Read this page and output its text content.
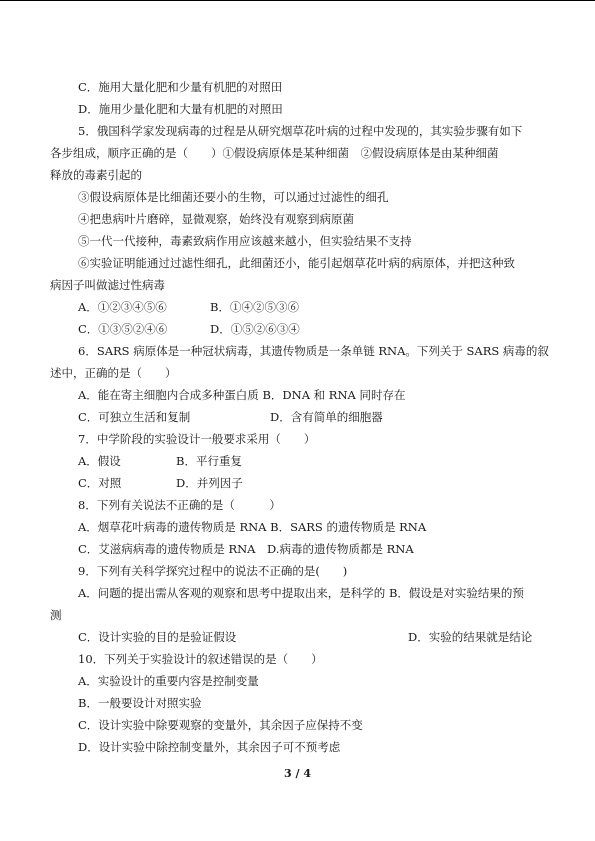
C．施用大量化肥和少量有机肥的对照田
D．施用少量化肥和大量有机肥的对照田
5．俄国科学家发现病毒的过程是从研究烟草花叶病的过程中发现的，其实验步骤有如下
各步组成，顺序正确的是（　　）①假设病原体是某种细菌　②假设病原体是由某种细菌
释放的毒素引起的
③假设病原体是比细菌还要小的生物，可以通过过滤性的细孔
④把患病叶片磨碎，显微观察，始终没有观察到病原菌
⑤一代一代接种，毒素致病作用应该越来越小，但实验结果不支持
⑥实验证明能通过过滤性细孔，此细菌还小，能引起烟草花叶病的病原体，并把这种致
病因子叫做滤过性病毒
A．①②③④⑤⑥	B．①④②⑤③⑥
C．①③⑤②④⑥	D．①⑤②⑥③④
6．SARS 病原体是一种冠状病毒，其遗传物质是一条单链 RNA。下列关于 SARS 病毒的叙
述中，正确的是（　　）
A．能在寄主细胞内合成多种蛋白质 B．DNA 和 RNA 同时存在
C．可独立生活和复制	D．含有简单的细胞器
7．中学阶段的实验设计一般要求采用（　　）
A．假设	B．平行重复
C．对照	D．并列因子
8．下列有关说法不正确的是（　　　）
A．烟草花叶病毒的遗传物质是 RNA B．SARS 的遗传物质是 RNA
C．艾滋病病毒的遗传物质是 RNA　D.病毒的遗传物质都是 RNA
9．下列有关科学探究过程中的说法不正确的是(　　)
A．问题的提出需从客观的观察和思考中提取出来，是科学的 B．假设是对实验结果的预
测
C．设计实验的目的是验证假设	D．实验的结果就是结论
10．下列关于实验设计的叙述错误的是（　　）
A．实验设计的重要内容是控制变量
B．一般要设计对照实验
C．设计实验中除要观察的变量外，其余因子应保持不变
D．设计实验中除控制变量外，其余因子可不预考虑
3 / 4
